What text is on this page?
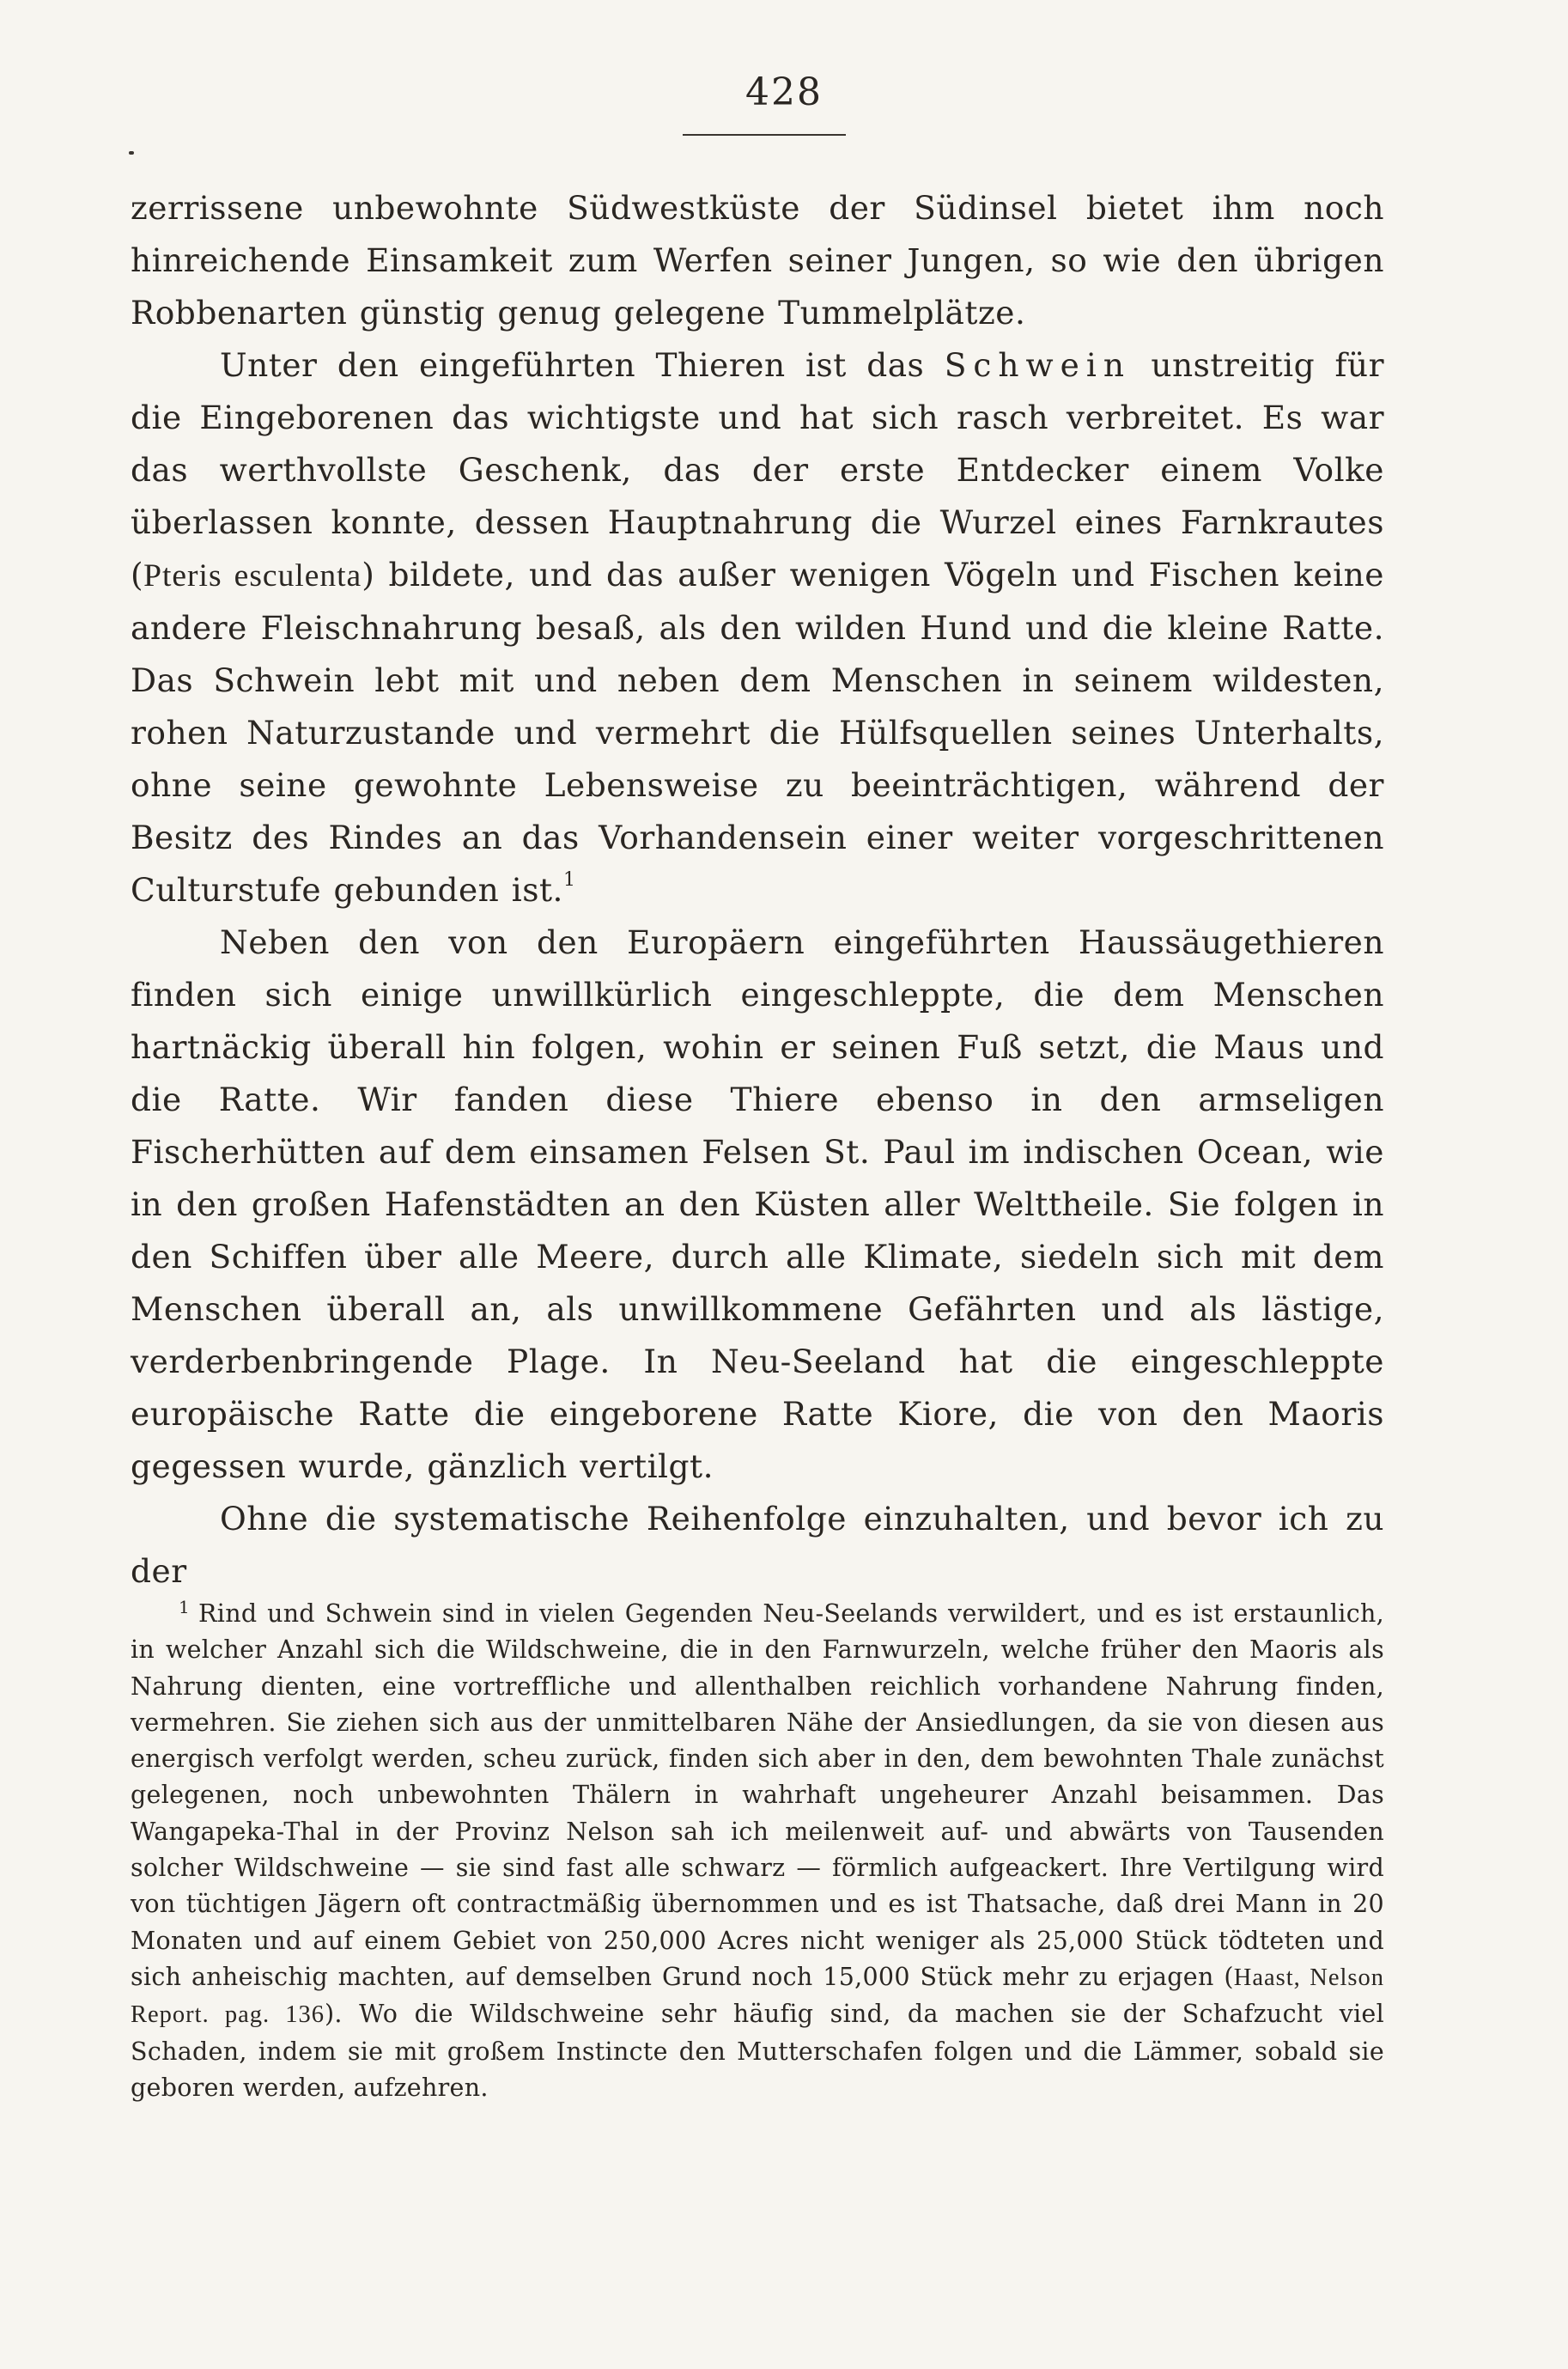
428

zerrissene unbewohnte Südwestküste der Südinsel bietet ihm noch hinreichende Einsamkeit zum Werfen seiner Jungen, so wie den übrigen Robbenarten günstig genug gelegene Tummelplätze.

Unter den eingeführten Thieren ist das Schwein unstreitig für die Eingeborenen das wichtigste und hat sich rasch verbreitet. Es war das werthvollste Geschenk, das der erste Entdecker einem Volke überlassen konnte, dessen Hauptnahrung die Wurzel eines Farnkrautes (Pteris esculenta) bildete, und das außer wenigen Vögeln und Fischen keine andere Fleischnahrung besaß, als den wilden Hund und die kleine Ratte. Das Schwein lebt mit und neben dem Menschen in seinem wildesten, rohen Naturzustande und vermehrt die Hülfsquellen seines Unterhalts, ohne seine gewohnte Lebensweise zu beeinträchtigen, während der Besitz des Rindes an das Vorhandensein einer weiter vorgeschrittenen Culturstufe gebunden ist.$^1$

Neben den von den Europäern eingeführten Haussäugethieren finden sich einige unwillkürlich eingeschleppte, die dem Menschen hartnäckig überall hin folgen, wohin er seinen Fuß setzt, die Maus und die Ratte. Wir fanden diese Thiere ebenso in den armseligen Fischerhütten auf dem einsamen Felsen St. Paul im indischen Ocean, wie in den großen Hafenstädten an den Küsten aller Welttheile. Sie folgen in den Schiffen über alle Meere, durch alle Klimate, siedeln sich mit dem Menschen überall an, als unwillkommene Gefährten und als lästige, verderbenbringende Plage. In Neu-Seeland hat die eingeschleppte europäische Ratte die eingeborene Ratte Kiore, die von den Maoris gegessen wurde, gänzlich vertilgt.

Ohne die systematische Reihenfolge einzuhalten, und bevor ich zu der

$^1$ Rind und Schwein sind in vielen Gegenden Neu-Seelands verwildert, und es ist erstaunlich, in welcher Anzahl sich die Wildschweine, die in den Farnwurzeln, welche früher den Maoris als Nahrung dienten, eine vortreffliche und allenthalben reichlich vorhandene Nahrung finden, vermehren. Sie ziehen sich aus der unmittelbaren Nähe der Ansiedlungen, da sie von diesen aus energisch verfolgt werden, scheu zurück, finden sich aber in den, dem bewohnten Thale zunächst gelegenen, noch unbewohnten Thälern in wahrhaft ungeheurer Anzahl beisammen. Das Wangapeka-Thal in der Provinz Nelson sah ich meilenweit auf- und abwärts von Tausenden solcher Wildschweine — sie sind fast alle schwarz — förmlich aufgeackert. Ihre Vertilgung wird von tüchtigen Jägern oft contractmäßig übernommen und es ist Thatsache, daß drei Mann in 20 Monaten und auf einem Gebiet von 250,000 Acres nicht weniger als 25,000 Stück tödteten und sich anheischig machten, auf demselben Grund noch 15,000 Stück mehr zu erjagen (Haast, Nelson Report. pag. 136). Wo die Wildschweine sehr häufig sind, da machen sie der Schafzucht viel Schaden, indem sie mit großem Instincte den Mutterschafen folgen und die Lämmer, sobald sie geboren werden, aufzehren.
